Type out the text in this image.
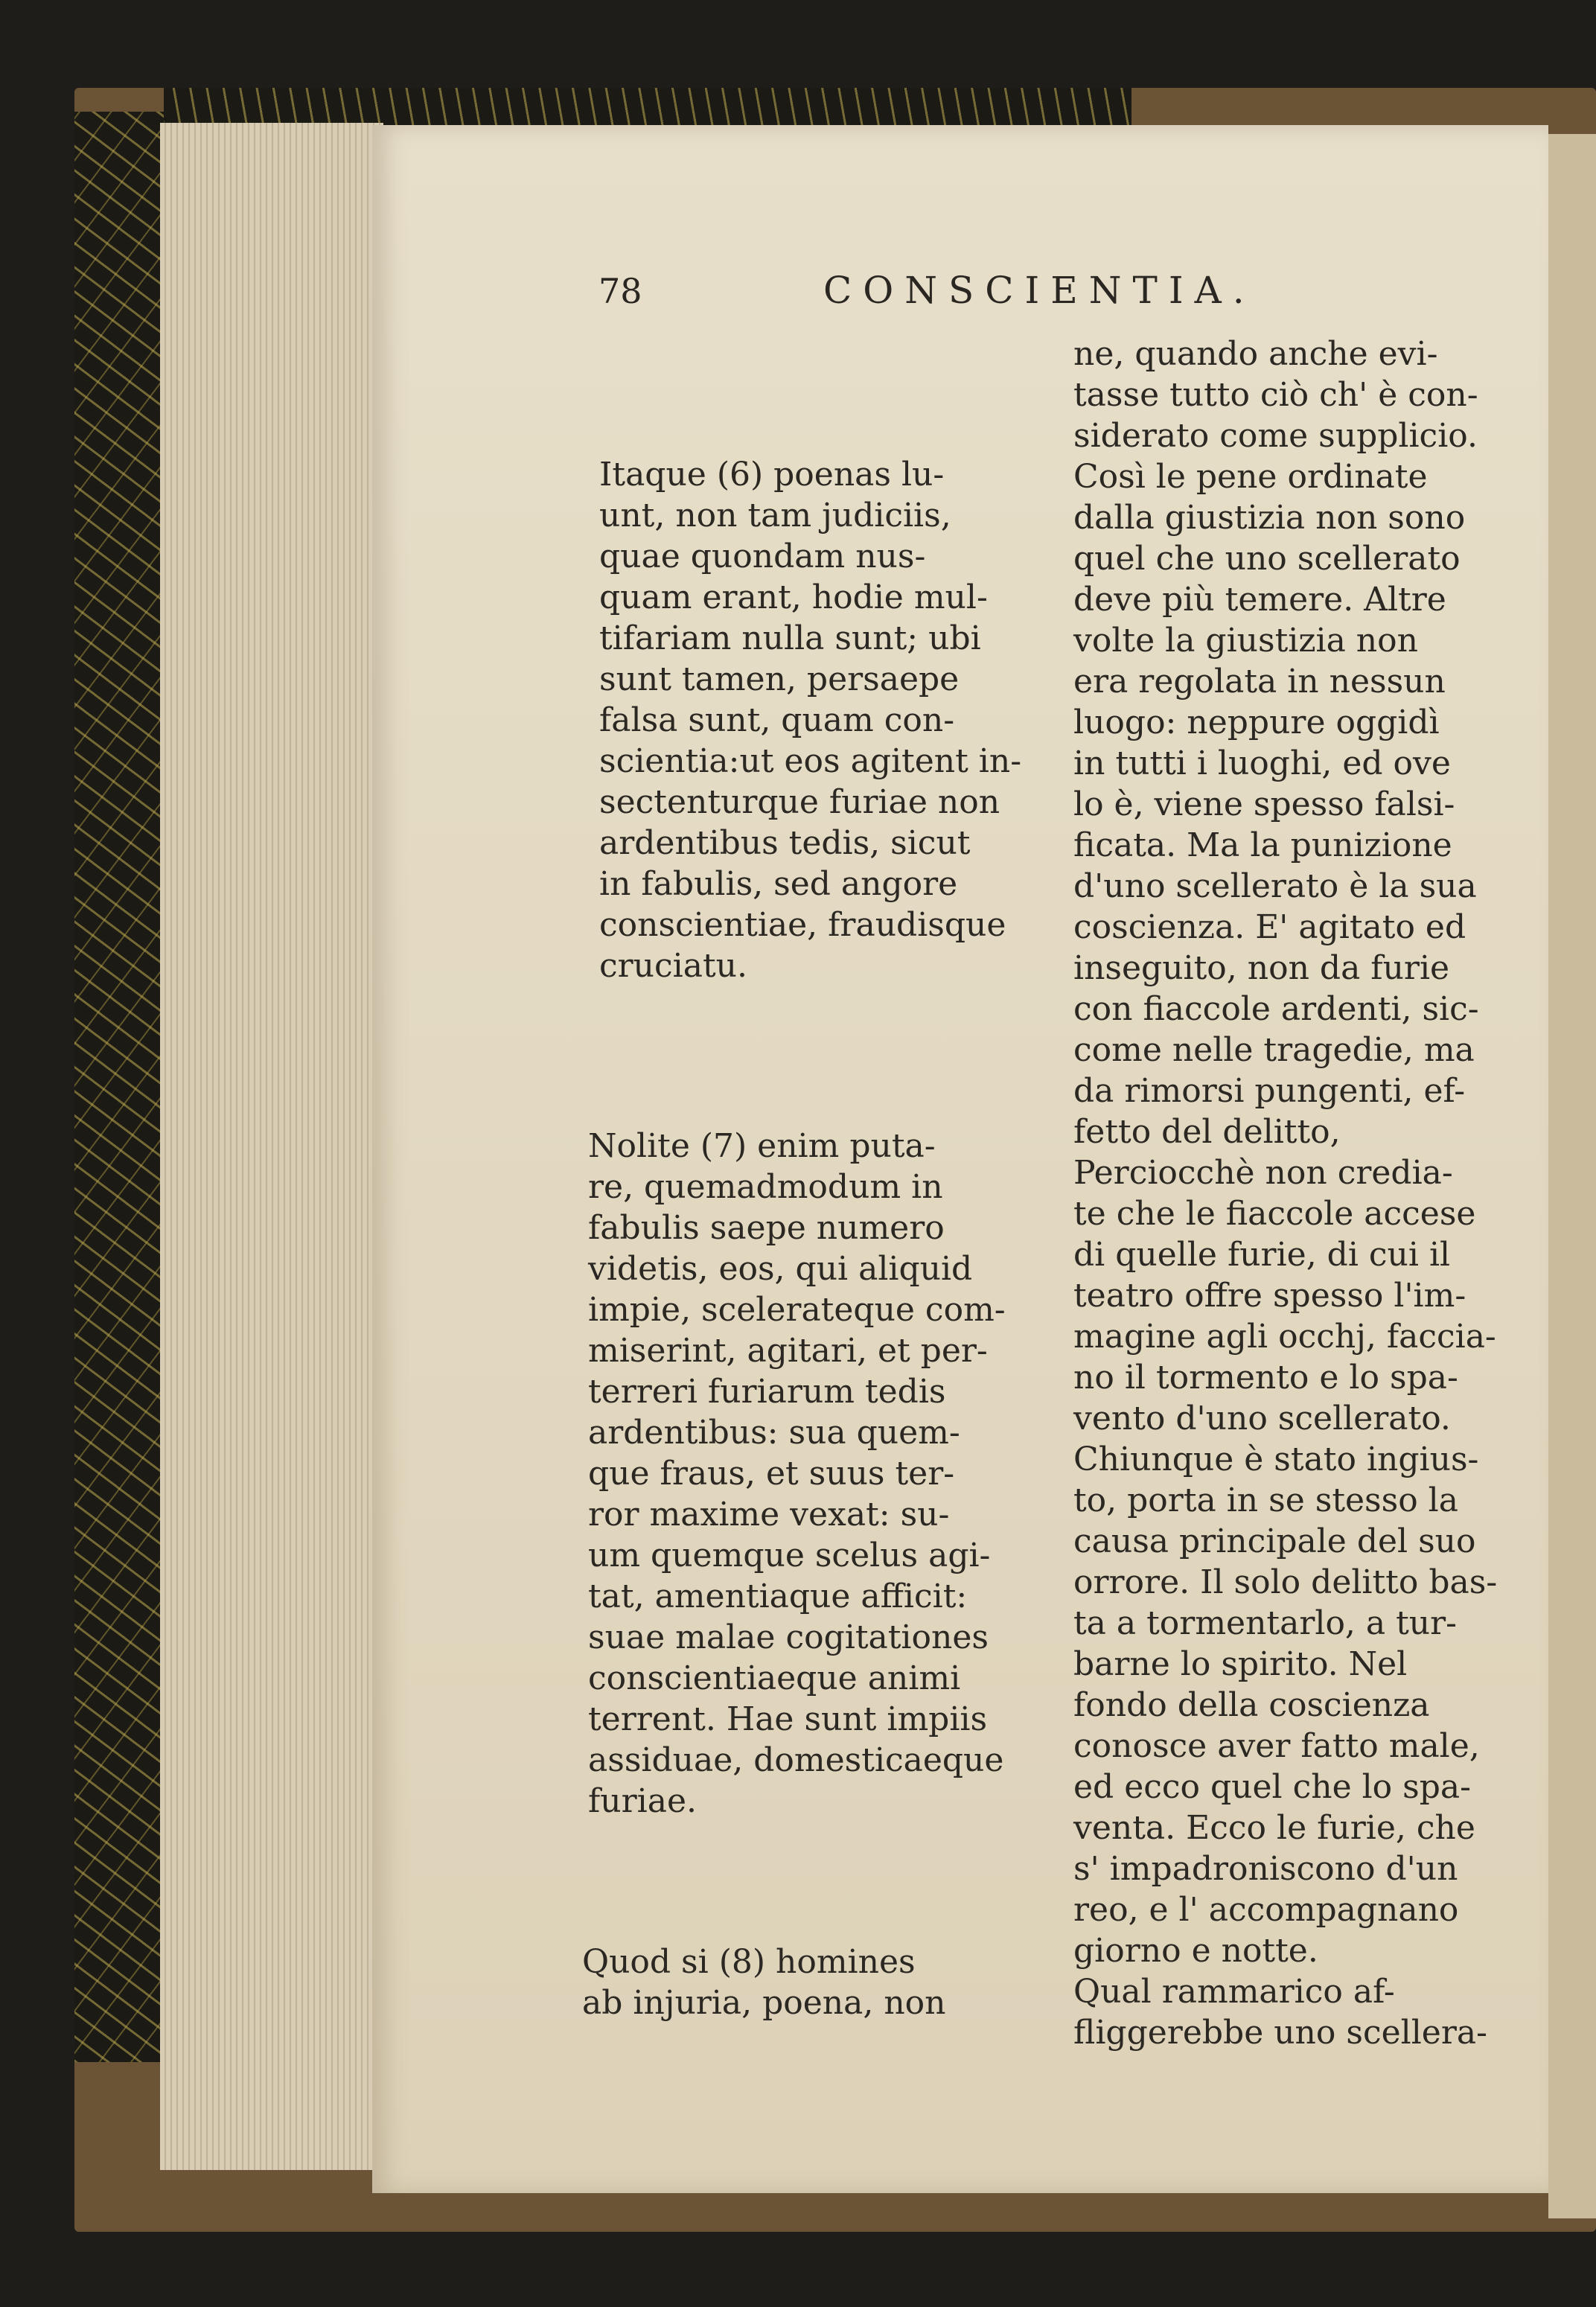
78	CONSCIENTIA.

Itaque (6) poenas lu-

unt, non tam judiciis,

quae quondam nus-

quam erant, hodie mul-

tifariam nulla sunt; ubi

sunt tamen, persaepe

falsa sunt, quam con-

scientia:ut eos agitent in-

sectenturque furiae non

ardentibus tedis, sicut

in fabulis, sed angore

conscientiae, fraudisque

cruciatu.

Nolite (7) enim puta-

re, quemadmodum in

fabulis saepe numero

videtis, eos, qui aliquid

impie, scelerateque com-

miserint, agitari, et per-

terreri furiarum tedis

ardentibus: sua quem-

que fraus, et suus ter-

ror maxime vexat: su-

um quemque scelus agi-

tat, amentiaque afficit:

suae malae cogitationes

conscientiaeque animi

terrent. Hae sunt impiis

assiduae, domesticaeque

furiae.

Quod si (8) homines

ab injuria, poena, non

ne, quando anche evi-

tasse tutto ciò ch' è con-

siderato come supplicio.

Così le pene ordinate

dalla giustizia non sono

quel che uno scellerato

deve più temere. Altre

volte la giustizia non

era regolata in nessun

luogo: neppure oggidì

in tutti i luoghi, ed ove

lo è, viene spesso falsi-

ficata. Ma la punizione

d'uno scellerato è la sua

coscienza. E' agitato ed

inseguito, non da furie

con fiaccole ardenti, sic-

come nelle tragedie, ma

da rimorsi pungenti, ef-

fetto del delitto,

Perciocchè non credia-

te che le fiaccole accese

di quelle furie, di cui il

teatro offre spesso l'im-

magine agli occhj, faccia-

no il tormento e lo spa-

vento d'uno scellerato.

Chiunque è stato ingius-

to, porta in se stesso la

causa principale del suo

orrore. Il solo delitto bas-

ta a tormentarlo, a tur-

barne lo spirito. Nel

fondo della coscienza

conosce aver fatto male,

ed ecco quel che lo spa-

venta. Ecco le furie, che

s' impadroniscono d'un

reo, e l' accompagnano

giorno e notte.

Qual rammarico af-

fliggerebbe uno scellera-
